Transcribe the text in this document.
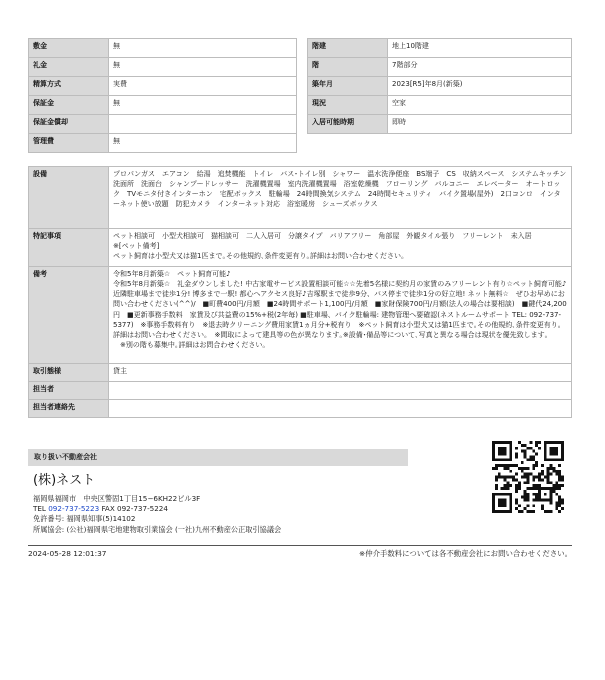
敷金	無
礼金	無
精算方式	実費
保証金	無
保証金償却	
管理費	無
階建	地上10階建
階	7階部分
築年月	2023[R5]年8月(新築)
現況	空家
入居可能時期	即時
設備	プロパンガス　エアコン　給湯　追焚機能　トイレ　バス･トイレ別　シャワー　温水洗浄便座　BS端子　CS　収納スペース　システムキッチン　洗面所　洗面台　シャンプードレッサー　洗濯機置場　室内洗濯機置場　浴室乾燥機　フローリング　バルコニー　エレベーター　オートロック　TVモニタ付きインターホン　宅配ボックス　駐輪場　24時間換気システム　24時間セキュリティ　バイク置場(屋外)　2口コンロ　インターネット使い放題　防犯カメラ　インターネット対応　浴室暖房　シューズボックス
特記事項	ペット相談可　小型犬相談可　猫相談可　二人入居可　分譲タイプ　バリアフリー　角部屋　外観タイル張り　フリーレント　未入居
※[ペット備考]
ペット飼育は小型犬又は猫1匹まで｡その他規約､条件変更有り｡詳細はお問い合わせください｡
備考	令和5年8月新築☆　ペット飼育可能♪
令和5年8月新築☆　礼金ダウンしました! 中古家電サービス設置相談可能☆☆先着5名様に契約月の家賃のみフリーレント有り☆ペット飼育可能♪近隣駐車場まで徒歩1分! 博多まで一駅! 都心へアクセス良好♪吉塚駅まで徒歩9分、バス停まで徒歩1分の好立地! ネット無料☆　ぜひお早めにお問い合わせください(^^)/　■町費400円/月額　■24時間サポート1,100円/月額　■家財保険700円/月額(法人の場合は要相談)　■鍵代24,200円　■更新事務手数料　家賃及び共益費の15%+税(2年毎) ■駐車場、バイク駐輪場: 建物管理へ要確認(ネストルームサポート TEL: 092-737-5377)　※事務手数料有り　※退去時クリーニング費用家賃1ヵ月分+税有り　※ペット飼育は小型犬又は猫1匹まで｡その他規約､条件変更有り｡詳細はお問い合わせください｡　※間取によって建具等の色が異なります｡※設備･備品等について､写真と異なる場合は現状を優先致します｡
　※別の階も募集中｡詳細はお問合わせください｡
取引態様	貸主
担当者	
担当者連絡先	
取り扱い不動産会社
(株)ネスト
福岡県福岡市　中央区警固1丁目15−6KH22ビル3F
TEL 092-737-5223 FAX 092-737-5224
免許番号: 福岡県知事(5)14102
所属協会: (公社)福岡県宅地建物取引業協会 (一社)九州不動産公正取引協議会
2024-05-28 12:01:37	※仲介手数料については各不動産会社にお問い合わせください。
